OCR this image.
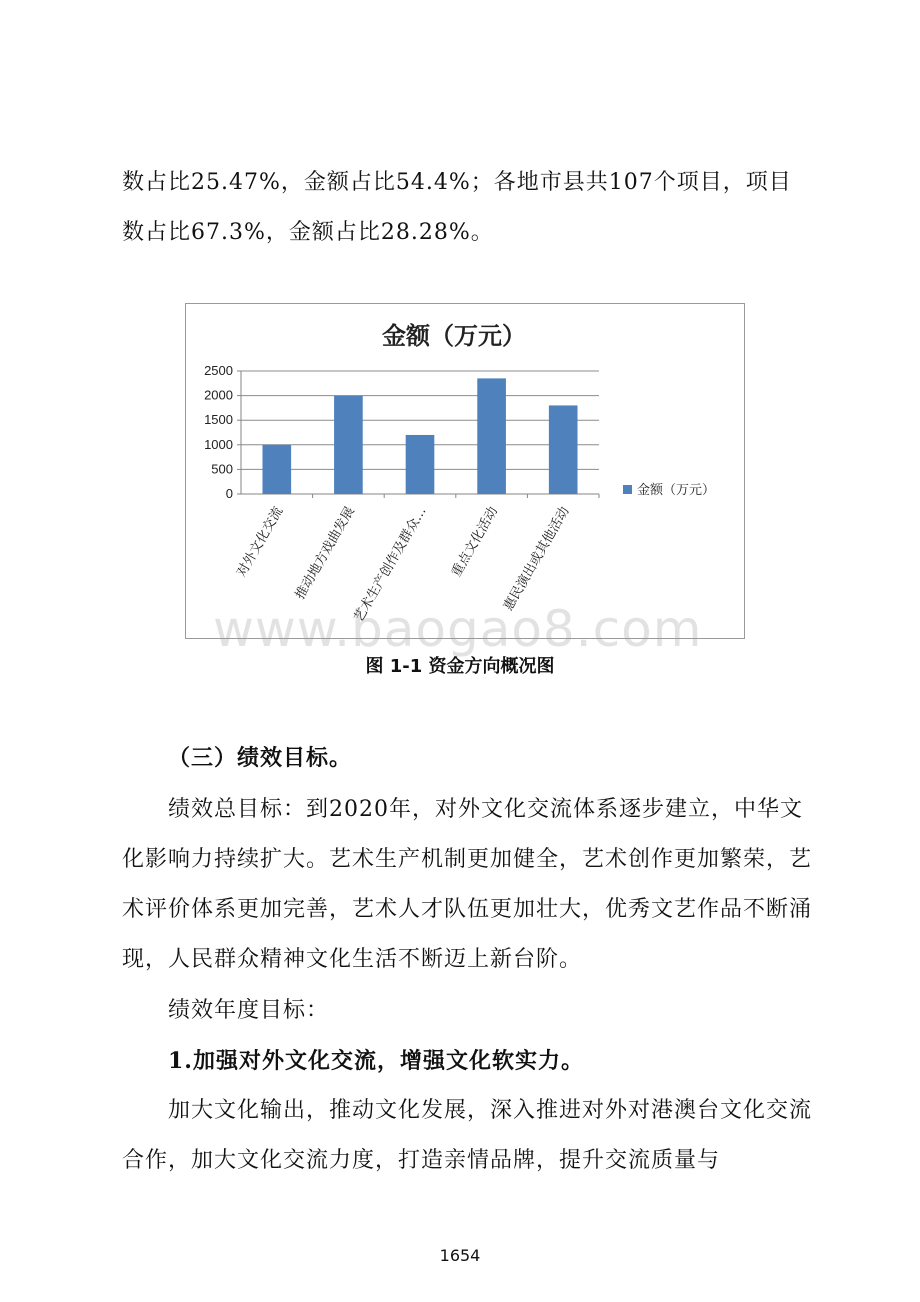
数占比25.47%，金额占比54.4%；各地市县共107个项目，项目数占比67.3%，金额占比28.28%。

金额（万元）
0
500
1000
1500
2000
2500
对外文化交流 推动地方戏曲发展
艺术生产创作及群众… 重点文化活动 惠民演出或其他活动
金额（万元）
www.baogao8.com
图 1-1 资金方向概况图

（三）绩效目标。

绩效总目标：到2020年，对外文化交流体系逐步建立，中华文化影响力持续扩大。艺术生产机制更加健全，艺术创作更加繁荣，艺术评价体系更加完善，艺术人才队伍更加壮大，优秀文艺作品不断涌现，人民群众精神文化生活不断迈上新台阶。

绩效年度目标：

1.加强对外文化交流，增强文化软实力。

加大文化输出，推动文化发展，深入推进对外对港澳台文化交流合作，加大文化交流力度，打造亲情品牌，提升交流质量与

1654
